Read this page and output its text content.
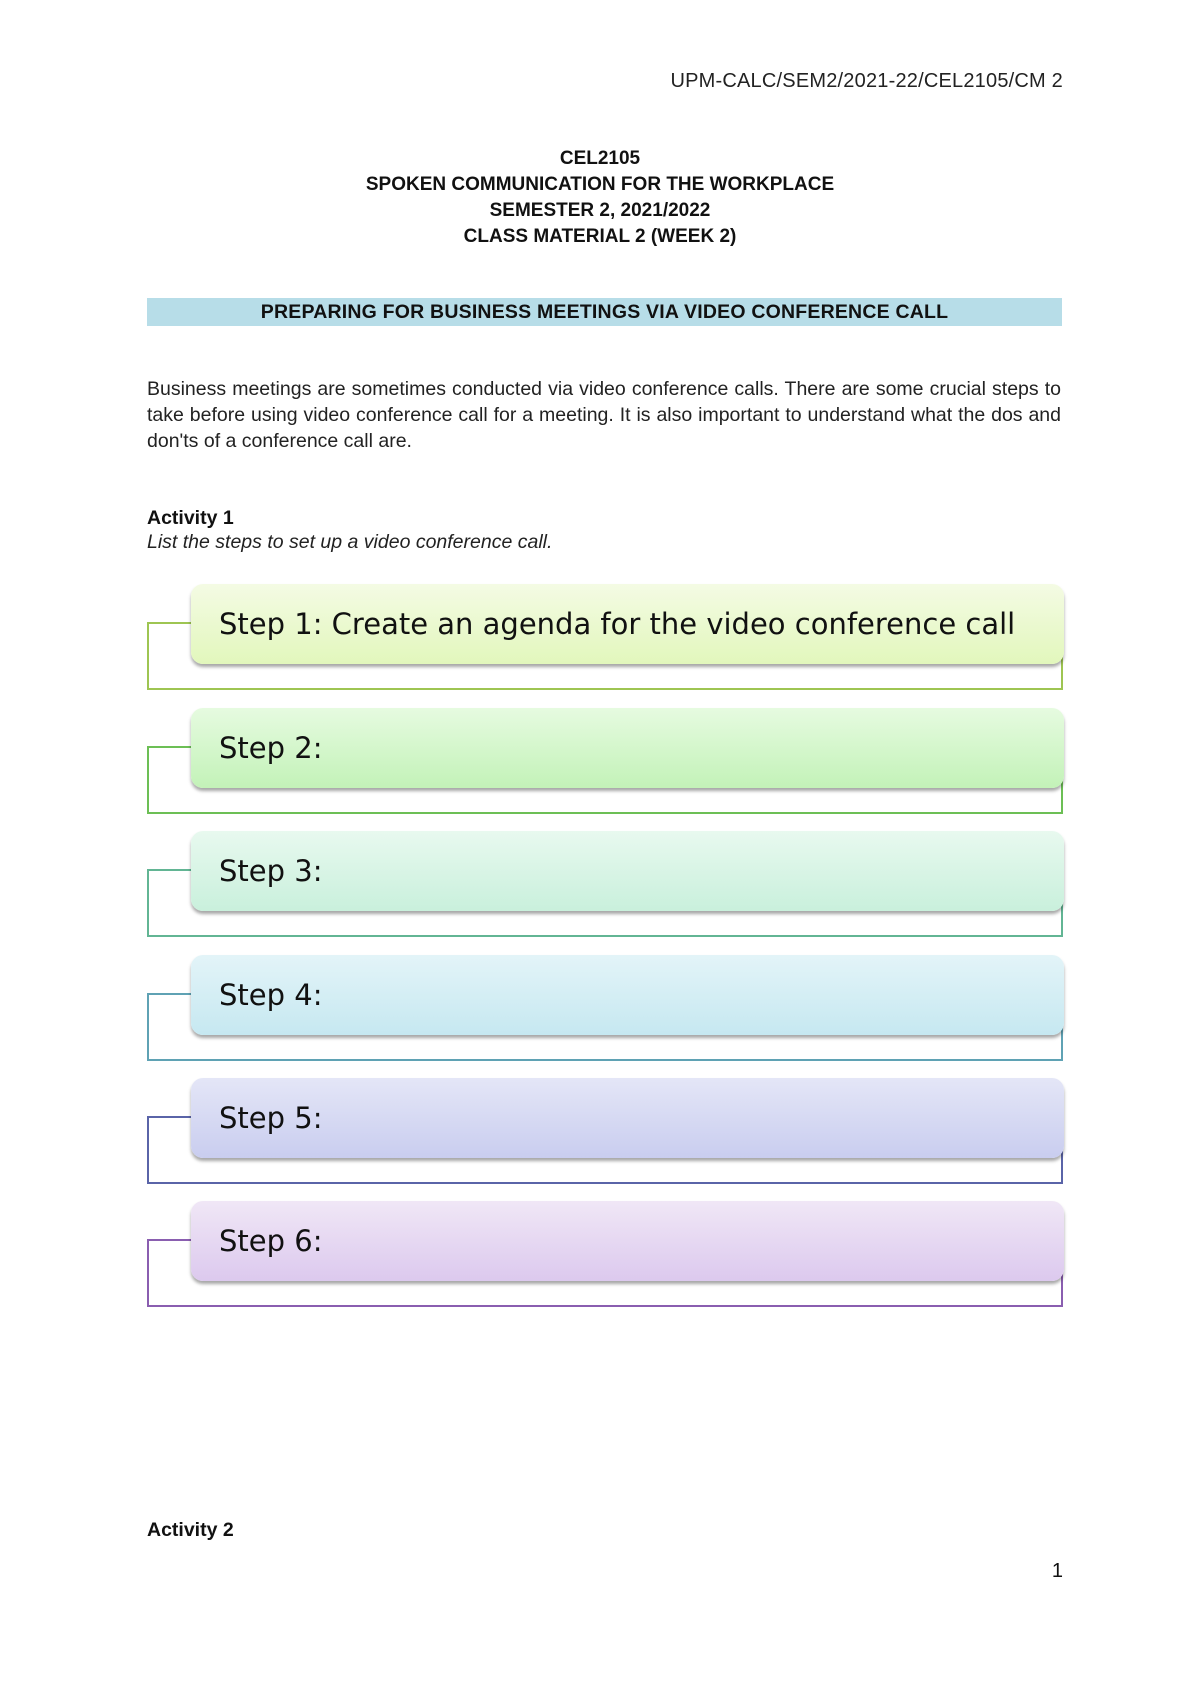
UPM-CALC/SEM2/2021-22/CEL2105/CM 2
CEL2105
SPOKEN COMMUNICATION FOR THE WORKPLACE
SEMESTER 2, 2021/2022
CLASS MATERIAL 2 (WEEK 2)
PREPARING FOR BUSINESS MEETINGS VIA VIDEO CONFERENCE CALL
Business meetings are sometimes conducted via video conference calls. There are some crucial steps to take before using video conference call for a meeting. It is also important to understand what the dos and don'ts of a conference call are.
Activity 1
List the steps to set up a video conference call.
Step 1: Create an agenda for the video conference call
Step 2:
Step 3:
Step 4:
Step 5:
Step 6:
Activity 2
1
